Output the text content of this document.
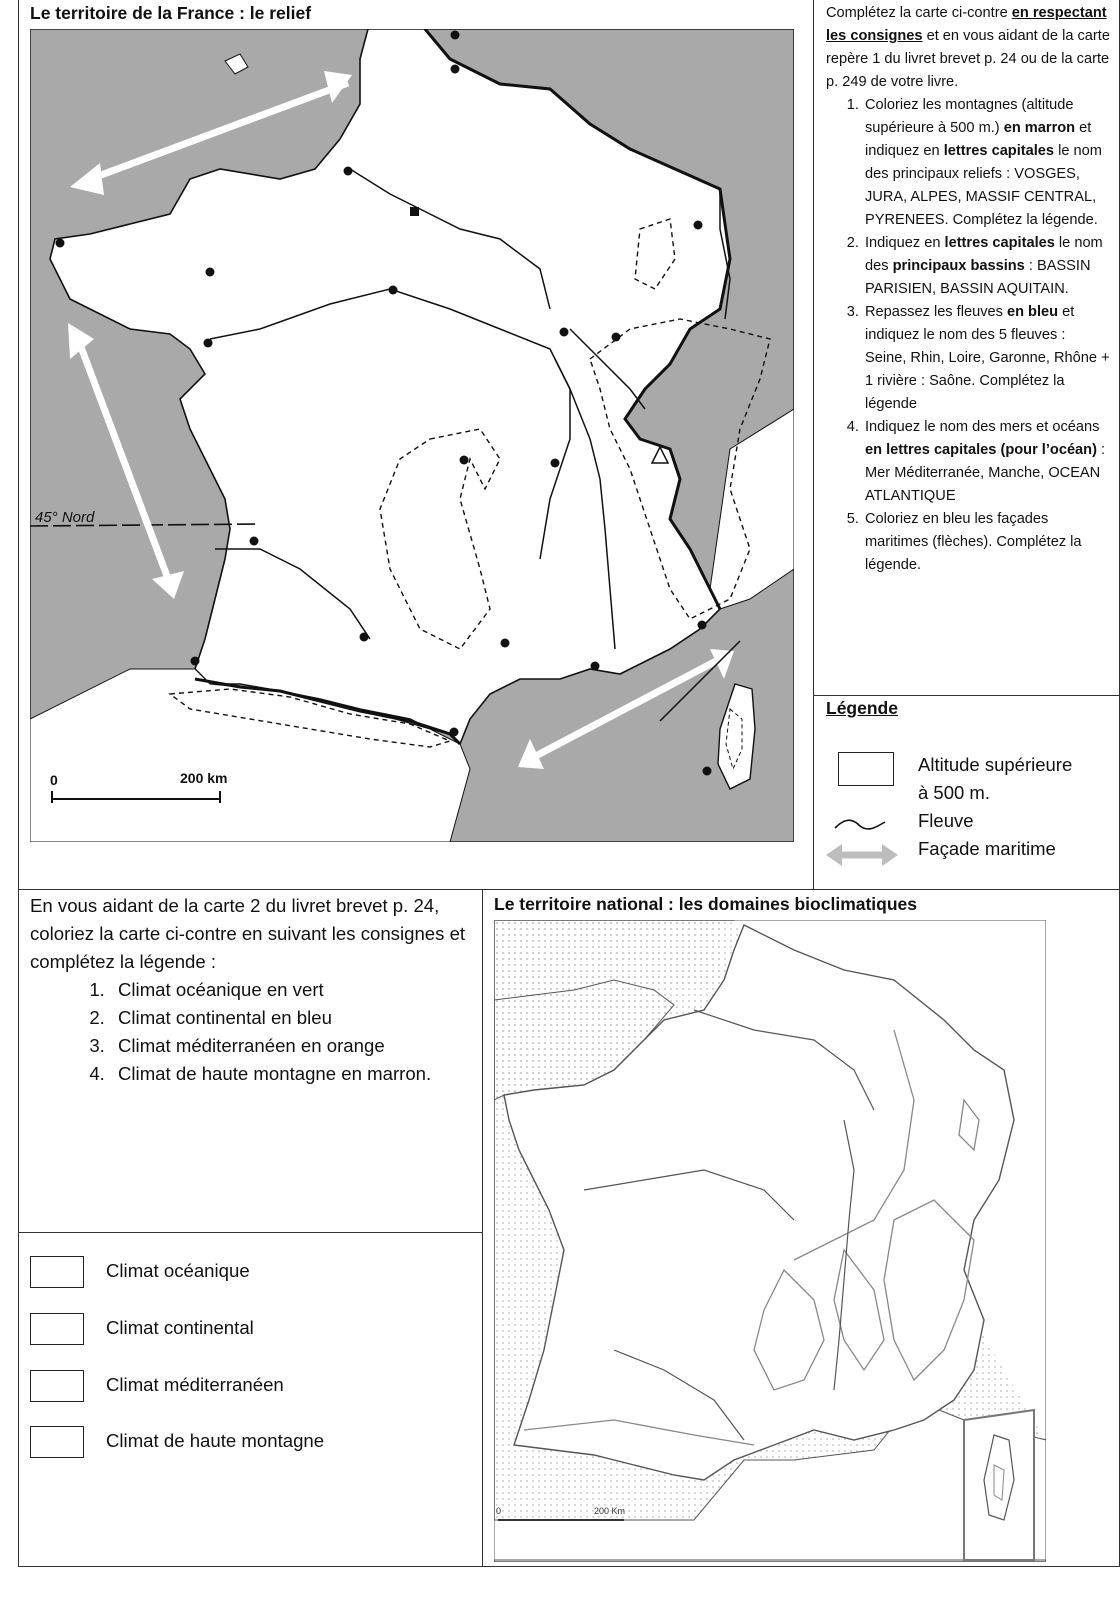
Le territoire de la France : le relief
45° Nord
0	200 km

Complétez la carte ci-contre en respectant les consignes et en vous aidant de la carte repère 1 du livret brevet p. 24 ou de la carte p. 249 de votre livre.

1. Coloriez les montagnes (altitude supérieure à 500 m.) en marron et indiquez en lettres capitales le nom des principaux reliefs : VOSGES, JURA, ALPES, MASSIF CENTRAL, PYRENEES. Complétez la légende.
2. Indiquez en lettres capitales le nom des principaux bassins : BASSIN PARISIEN, BASSIN AQUITAIN.
3. Repassez les fleuves en bleu et indiquez le nom des 5 fleuves : Seine, Rhin, Loire, Garonne, Rhône + 1 rivière : Saône. Complétez la légende
4. Indiquez le nom des mers et océans en lettres capitales (pour l’océan) : Mer Méditerranée, Manche, OCEAN ATLANTIQUE
5. Coloriez en bleu les façades maritimes (flèches). Complétez la légende.
Légende
Altitude supérieure
à 500 m.
Fleuve
Façade maritime

En vous aidant de la carte 2 du livret brevet p. 24, coloriez la carte ci-contre en suivant les consignes et complétez la légende :

1. Climat océanique en vert
2. Climat continental en bleu
3. Climat méditerranéen en orange
4. Climat de haute montagne en marron.
Climat océanique
Climat continental
Climat méditerranéen
Climat de haute montagne
Le territoire national : les domaines bioclimatiques
0	200 Km
